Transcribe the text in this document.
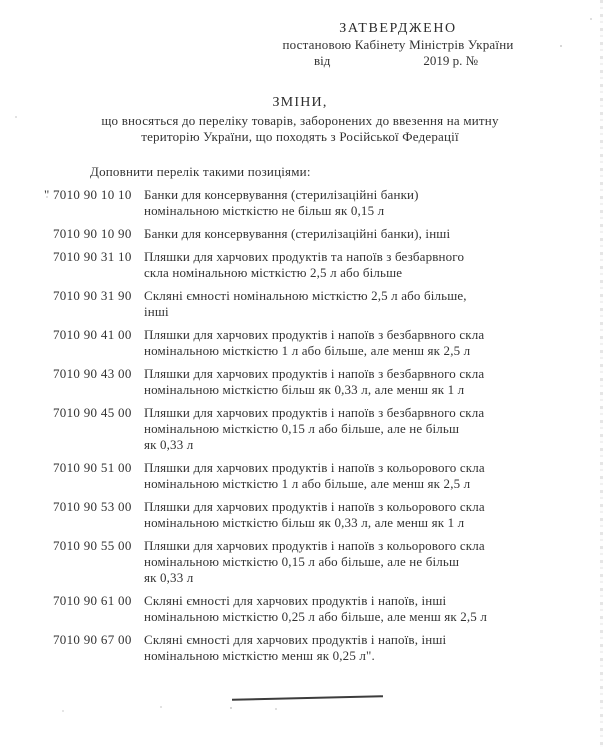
ЗАТВЕРДЖЕНО
постановою Кабінету Міністрів України
від	2019 р. №
ЗМІНИ,
що вносяться до переліку товарів, заборонених до ввезення на митну
територію України, що походять з Російської Федерації

Доповнити перелік такими позиціями:

" 7010 90 10 10 Банки для консервування (стерилізаційні банки)
номінальною місткістю не більш як 0,15 л
7010 90 10 90 Банки для консервування (стерилізаційні банки), інші
7010 90 31 10 Пляшки для харчових продуктів та напоїв з безбарвного
скла номінальною місткістю 2,5 л або більше
7010 90 31 90 Скляні ємності номінальною місткістю 2,5 л або більше,
інші
7010 90 41 00 Пляшки для харчових продуктів і напоїв з безбарвного скла
номінальною місткістю 1 л або більше, але менш як 2,5 л
7010 90 43 00 Пляшки для харчових продуктів і напоїв з безбарвного скла
номінальною місткістю більш як 0,33 л, але менш як 1 л
7010 90 45 00 Пляшки для харчових продуктів і напоїв з безбарвного скла
номінальною місткістю 0,15 л або більше, але не більш
як 0,33 л
7010 90 51 00 Пляшки для харчових продуктів і напоїв з кольорового скла
номінальною місткістю 1 л або більше, але менш як 2,5 л
7010 90 53 00 Пляшки для харчових продуктів і напоїв з кольорового скла
номінальною місткістю більш як 0,33 л, але менш як 1 л
7010 90 55 00 Пляшки для харчових продуктів і напоїв з кольорового скла
номінальною місткістю 0,15 л або більше, але не більш
як 0,33 л
7010 90 61 00 Скляні ємності для харчових продуктів і напоїв, інші
номінальною місткістю 0,25 л або більше, але менш як 2,5 л
7010 90 67 00 Скляні ємності для харчових продуктів і напоїв, інші
номінальною місткістю менш як 0,25 л".
